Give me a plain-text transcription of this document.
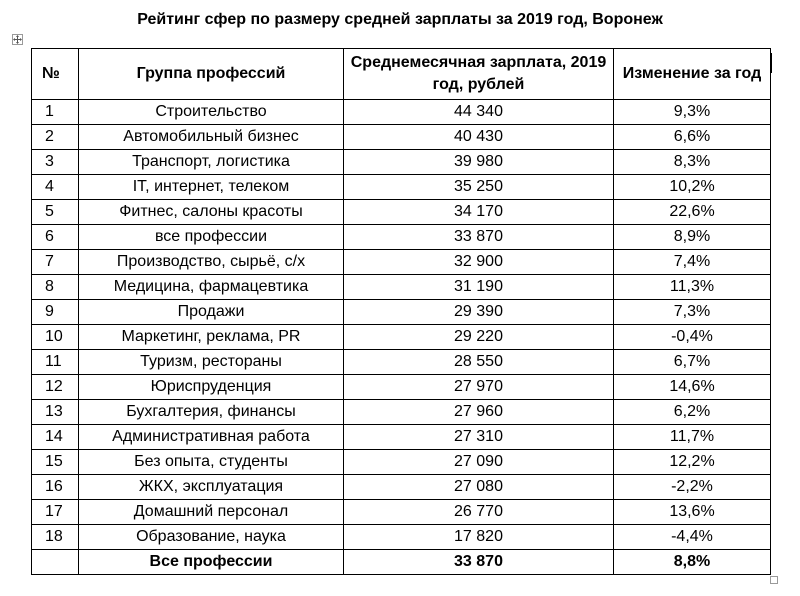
Рейтинг сфер по размеру средней зарплаты за 2019 год, Воронеж
№	Группа профессий	Среднемесячная зарплата, 2019 год, рублей	Изменение за год
1	Строительство	44 340	9,3%
2	Автомобильный бизнес	40 430	6,6%
3	Транспорт, логистика	39 980	8,3%
4	IT, интернет, телеком	35 250	10,2%
5	Фитнес, салоны красоты	34 170	22,6%
6	все профессии	33 870	8,9%
7	Производство, сырьё, с/х	32 900	7,4%
8	Медицина, фармацевтика	31 190	11,3%
9	Продажи	29 390	7,3%
10	Маркетинг, реклама, PR	29 220	-0,4%
11	Туризм, рестораны	28 550	6,7%
12	Юриспруденция	27 970	14,6%
13	Бухгалтерия, финансы	27 960	6,2%
14	Административная работа	27 310	11,7%
15	Без опыта, студенты	27 090	12,2%
16	ЖКХ, эксплуатация	27 080	-2,2%
17	Домашний персонал	26 770	13,6%
18	Образование, наука	17 820	-4,4%
	Все профессии	33 870	8,8%
